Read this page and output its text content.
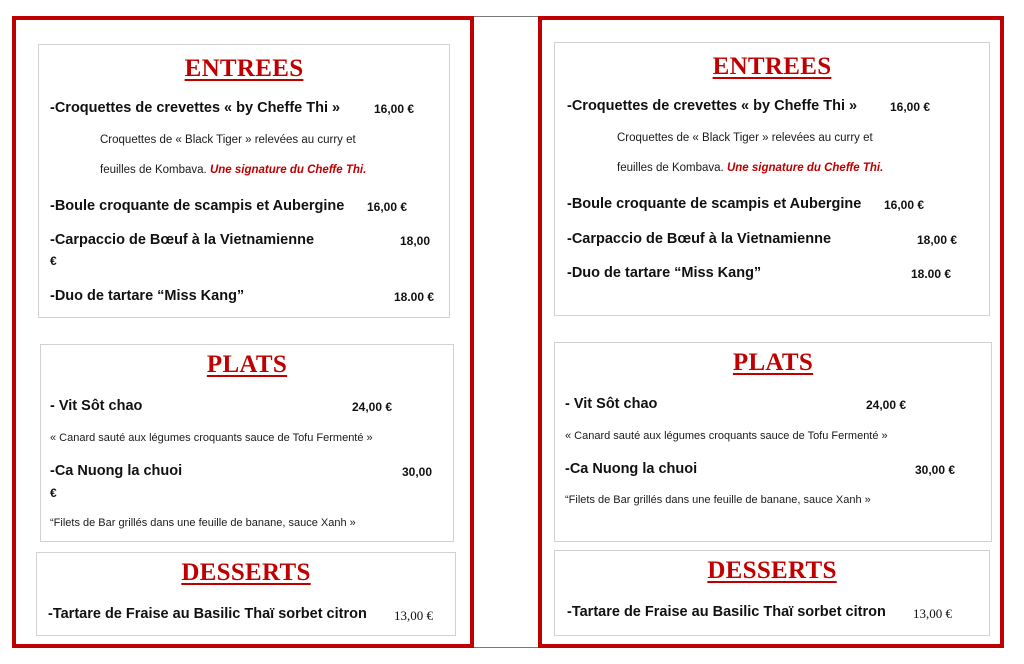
ENTREES
-Croquettes de crevettes « by Cheffe Thi »	16,00 €
Croquettes de « Black Tiger » relevées au curry et
feuilles de Kombava. Une signature du Cheffe Thi.
-Boule croquante de scampis et Aubergine 16,00 €
-Carpaccio de Bœuf à la Vietnamienne	18,00
€
-Duo de tartare “Miss Kang”	18.00 €
PLATS
- Vit Sôt chao	24,00 €
« Canard sauté aux légumes croquants sauce de Tofu Fermenté »
-Ca Nuong la chuoi	30,00
€
“Filets de Bar grillés dans une feuille de banane, sauce Xanh »
DESSERTS
-Tartare de Fraise au Basilic Thaï sorbet citron 13,00 €
ENTREES
-Croquettes de crevettes « by Cheffe Thi »	16,00 €
Croquettes de « Black Tiger » relevées au curry et
feuilles de Kombava. Une signature du Cheffe Thi.
-Boule croquante de scampis et Aubergine 16,00 €
-Carpaccio de Bœuf à la Vietnamienne	18,00 €
-Duo de tartare “Miss Kang”	18.00 €
PLATS
- Vit Sôt chao	24,00 €
« Canard sauté aux légumes croquants sauce de Tofu Fermenté »
-Ca Nuong la chuoi	30,00 €
“Filets de Bar grillés dans une feuille de banane, sauce Xanh »
DESSERTS
-Tartare de Fraise au Basilic Thaï sorbet citron 13,00 €
